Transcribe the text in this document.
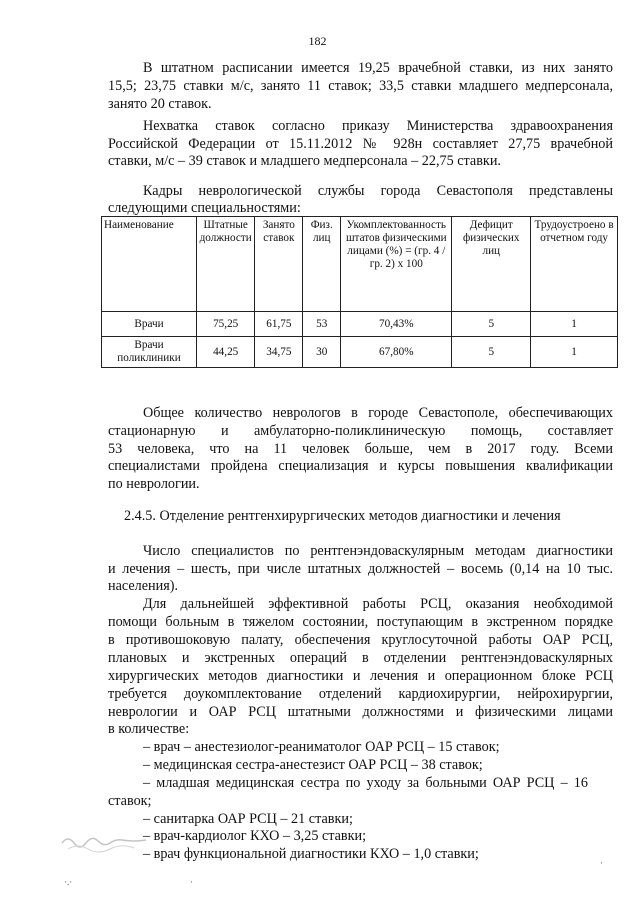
182
В штатном расписании имеется 19,25 врачебной ставки, из них занято
15,5; 23,75 ставки м/с, занято 11 ставок; 33,5 ставки младшего медперсонала,
занято 20 ставок.
Нехватка ставок согласно приказу Министерства здравоохранения
Российской Федерации от 15.11.2012 № 928н составляет 27,75 врачебной
ставки, м/с – 39 ставок и младшего медперсонала – 22,75 ставки.
Кадры неврологической службы города Севастополя представлены
следующими специальностями:
Наименование	Штатные должности	Занято ставок	Физ. лиц	Укомплектованность штатов физическими лицами (%) = (гр. 4 / гр. 2) х 100	Дефицит физических лиц	Трудоустроено в отчетном году
Врачи	75,25	61,75	53	70,43%	5	1
Врачи поликлиники	44,25	34,75	30	67,80%	5	1
Общее количество неврологов в городе Севастополе, обеспечивающих
стационарную и амбулаторно-поликлиническую помощь, составляет
53 человека, что на 11 человек больше, чем в 2017 году. Всеми
специалистами пройдена специализация и курсы повышения квалификации
по неврологии.
2.4.5. Отделение рентгенхирургических методов диагностики и лечения
Число специалистов по рентгенэндоваскулярным методам диагностики
и лечения – шесть, при числе штатных должностей – восемь (0,14 на 10 тыс.
населения).
Для дальнейшей эффективной работы РСЦ, оказания необходимой
помощи больным в тяжелом состоянии, поступающим в экстренном порядке
в противошоковую палату, обеспечения круглосуточной работы ОАР РСЦ,
плановых и экстренных операций в отделении рентгенэндоваскулярных
хирургических методов диагностики и лечения и операционном блоке РСЦ
требуется доукомплектование отделений кардиохирургии, нейрохирургии,
неврологии и ОАР РСЦ штатными должностями и физическими лицами
в количестве:
– врач – анестезиолог-реаниматолог ОАР РСЦ – 15 ставок;
– медицинская сестра-анестезист ОАР РСЦ – 38 ставок;
– младшая медицинская сестра по уходу за больными ОАР РСЦ – 16
ставок;
– санитарка ОАР РСЦ – 21 ставки;
– врач-кардиолог КХО – 3,25 ставки;
– врач функциональной диагностики КХО – 1,0 ставки;
·
·.·	·
